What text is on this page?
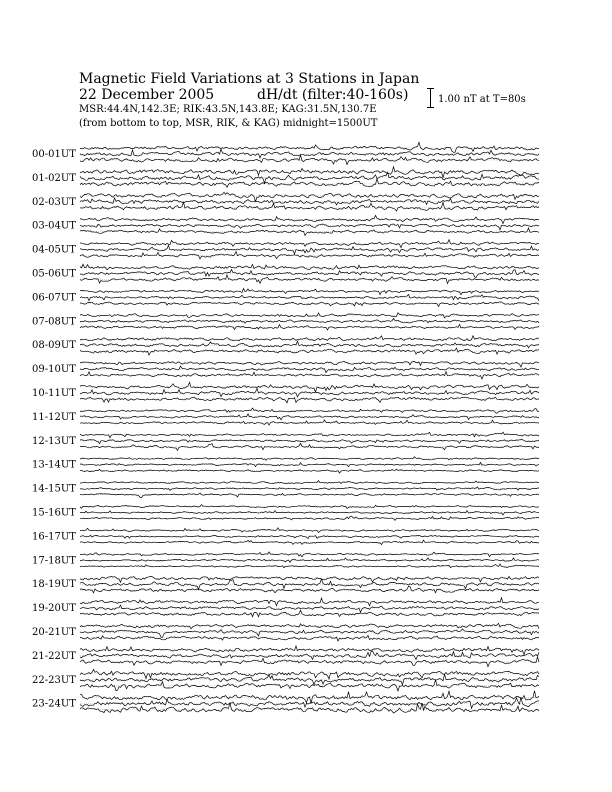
Magnetic Field Variations at 3 Stations in Japan
22 December 2005	dH/dt (filter:40-160s)
MSR:44.4N,142.3E; RIK:43.5N,143.8E; KAG:31.5N,130.7E
(from bottom to top, MSR, RIK, & KAG) midnight=1500UT
1.00 nT at T=80s
00-01UT
01-02UT
02-03UT
03-04UT
04-05UT
05-06UT
06-07UT
07-08UT
08-09UT
09-10UT
10-11UT
11-12UT
12-13UT
13-14UT
14-15UT
15-16UT
16-17UT
17-18UT
18-19UT
19-20UT
20-21UT
21-22UT
22-23UT
23-24UT
